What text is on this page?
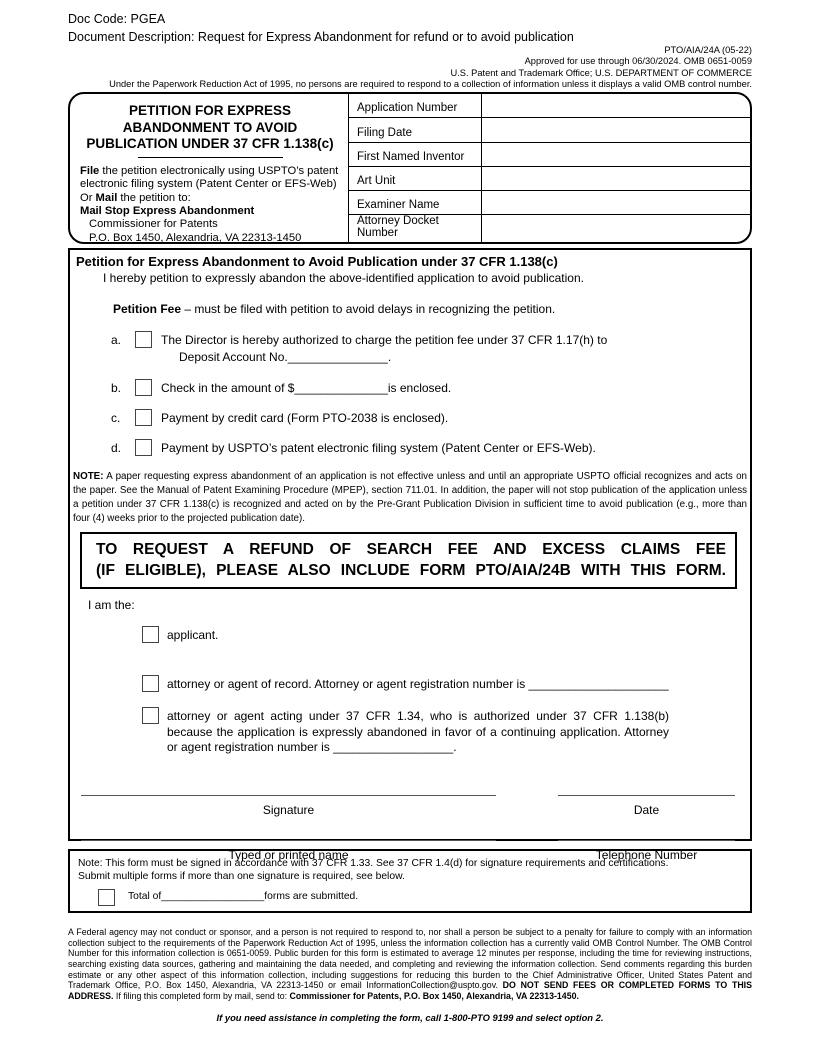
Doc Code: PGEA
Document Description: Request for Express Abandonment for refund or to avoid publication
PTO/AIA/24A (05-22)
Approved for use through 06/30/2024. OMB 0651-0059
U.S. Patent and Trademark Office; U.S. DEPARTMENT OF COMMERCE
Under the Paperwork Reduction Act of 1995, no persons are required to respond to a collection of information unless it displays a valid OMB control number.
PETITION FOR EXPRESS
ABANDONMENT TO AVOID
PUBLICATION UNDER 37 CFR 1.138(c)
File the petition electronically using USPTO’s patent electronic filing system (Patent Center or EFS-Web)
Or Mail the petition to:
Mail Stop Express Abandonment
Commissioner for Patents
P.O. Box 1450, Alexandria, VA 22313-1450
Application Number
Filing Date
First Named Inventor
Art Unit
Examiner Name
Attorney Docket Number
Petition for Express Abandonment to Avoid Publication under 37 CFR 1.138(c)
I hereby petition to expressly abandon the above-identified application to avoid publication.
Petition Fee – must be filed with petition to avoid delays in recognizing the petition.
a.	The Director is hereby authorized to charge the petition fee under 37 CFR 1.17(h) to
Deposit Account No._______________.
b.	Check in the amount of $______________is enclosed.
c.	Payment by credit card (Form PTO-2038 is enclosed).
d.	Payment by USPTO’s patent electronic filing system (Patent Center or EFS-Web).
NOTE: A paper requesting express abandonment of an application is not effective unless and until an appropriate USPTO official recognizes and acts on the paper. See the Manual of Patent Examining Procedure (MPEP), section 711.01. In addition, the paper will not stop publication of the application unless a petition under 37 CFR 1.138(c) is recognized and acted on by the Pre-Grant Publication Division in sufficient time to avoid publication (e.g., more than four (4) weeks prior to the projected publication date).
TO REQUEST A REFUND OF SEARCH FEE AND EXCESS CLAIMS FEE
(IF ELIGIBLE), PLEASE ALSO INCLUDE FORM PTO/AIA/24B WITH THIS FORM.
I am the:
applicant.
attorney or agent of record. Attorney or agent registration number is _____________________
attorney or agent acting under 37 CFR 1.34, who is authorized under 37 CFR 1.138(b) because the application is expressly abandoned in favor of a continuing application. Attorney or agent registration number is __________________.
Signature	Date
Typed or printed name	Telephone Number
Note: This form must be signed in accordance with 37 CFR 1.33. See 37 CFR 1.4(d) for signature requirements and certifications.
Submit multiple forms if more than one signature is required, see below.
Total of__________________forms are submitted.
A Federal agency may not conduct or sponsor, and a person is not required to respond to, nor shall a person be subject to a penalty for failure to comply with an information collection subject to the requirements of the Paperwork Reduction Act of 1995, unless the information collection has a currently valid OMB Control Number. The OMB Control Number for this information collection is 0651-0059. Public burden for this form is estimated to average 12 minutes per response, including the time for reviewing instructions, searching existing data sources, gathering and maintaining the data needed, and completing and reviewing the information collection. Send comments regarding this burden estimate or any other aspect of this information collection, including suggestions for reducing this burden to the Chief Administrative Officer, United States Patent and Trademark Office, P.O. Box 1450, Alexandria, VA 22313-1450 or email InformationCollection@uspto.gov. DO NOT SEND FEES OR COMPLETED FORMS TO THIS ADDRESS. If filing this completed form by mail, send to: Commissioner for Patents, P.O. Box 1450, Alexandria, VA 22313-1450.
If you need assistance in completing the form, call 1-800-PTO 9199 and select option 2.
